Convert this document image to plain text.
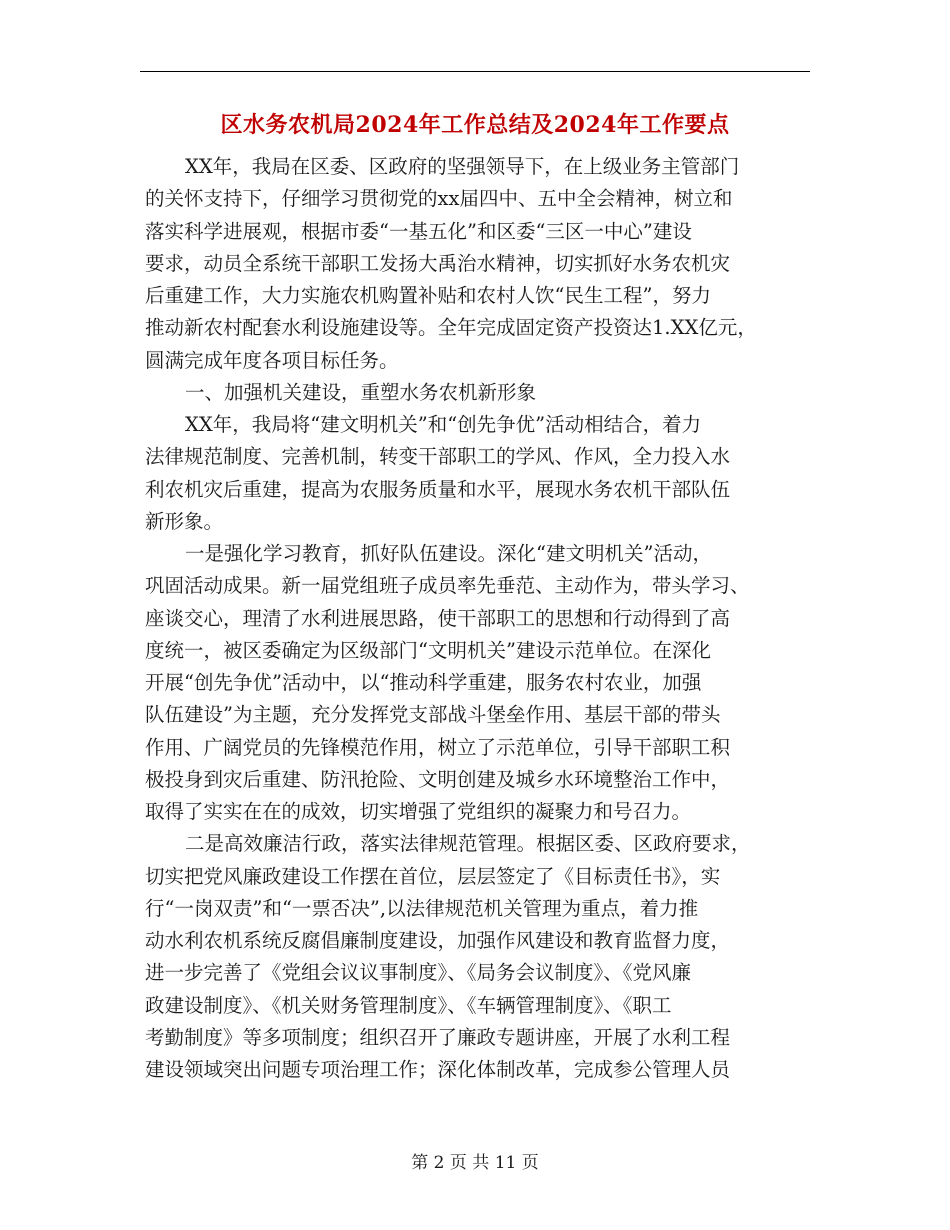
区水务农机局2024年工作总结及2024年工作要点
XX年，我局在区委、区政府的坚强领导下，在上级业务主管部门
的关怀支持下，仔细学习贯彻党的xx届四中、五中全会精神，树立和
落实科学进展观，根据市委“一基五化”和区委“三区一中心”建设
要求，动员全系统干部职工发扬大禹治水精神，切实抓好水务农机灾
后重建工作，大力实施农机购置补贴和农村人饮“民生工程”，努力
推动新农村配套水利设施建设等。全年完成固定资产投资达1.XX亿元，
圆满完成年度各项目标任务。
一、加强机关建设，重塑水务农机新形象
XX年，我局将“建文明机关”和“创先争优”活动相结合，着力
法律规范制度、完善机制，转变干部职工的学风、作风，全力投入水
利农机灾后重建，提高为农服务质量和水平，展现水务农机干部队伍
新形象。
一是强化学习教育，抓好队伍建设。深化“建文明机关”活动，
巩固活动成果。新一届党组班子成员率先垂范、主动作为，带头学习、
座谈交心，理清了水利进展思路，使干部职工的思想和行动得到了高
度统一，被区委确定为区级部门“文明机关”建设示范单位。在深化
开展“创先争优”活动中，以“推动科学重建，服务农村农业，加强
队伍建设”为主题，充分发挥党支部战斗堡垒作用、基层干部的带头
作用、广阔党员的先锋模范作用，树立了示范单位，引导干部职工积
极投身到灾后重建、防汛抢险、文明创建及城乡水环境整治工作中，
取得了实实在在的成效，切实增强了党组织的凝聚力和号召力。
二是高效廉洁行政，落实法律规范管理。根据区委、区政府要求，
切实把党风廉政建设工作摆在首位，层层签定了《目标责任书》，实
行“一岗双责”和“一票否决”,以法律规范机关管理为重点，着力推
动水利农机系统反腐倡廉制度建设，加强作风建设和教育监督力度，
进一步完善了《党组会议议事制度》、《局务会议制度》、《党风廉
政建设制度》、《机关财务管理制度》、《车辆管理制度》、《职工
考勤制度》等多项制度；组织召开了廉政专题讲座，开展了水利工程
建设领域突出问题专项治理工作；深化体制改革，完成参公管理人员
第 2 页 共 11 页
